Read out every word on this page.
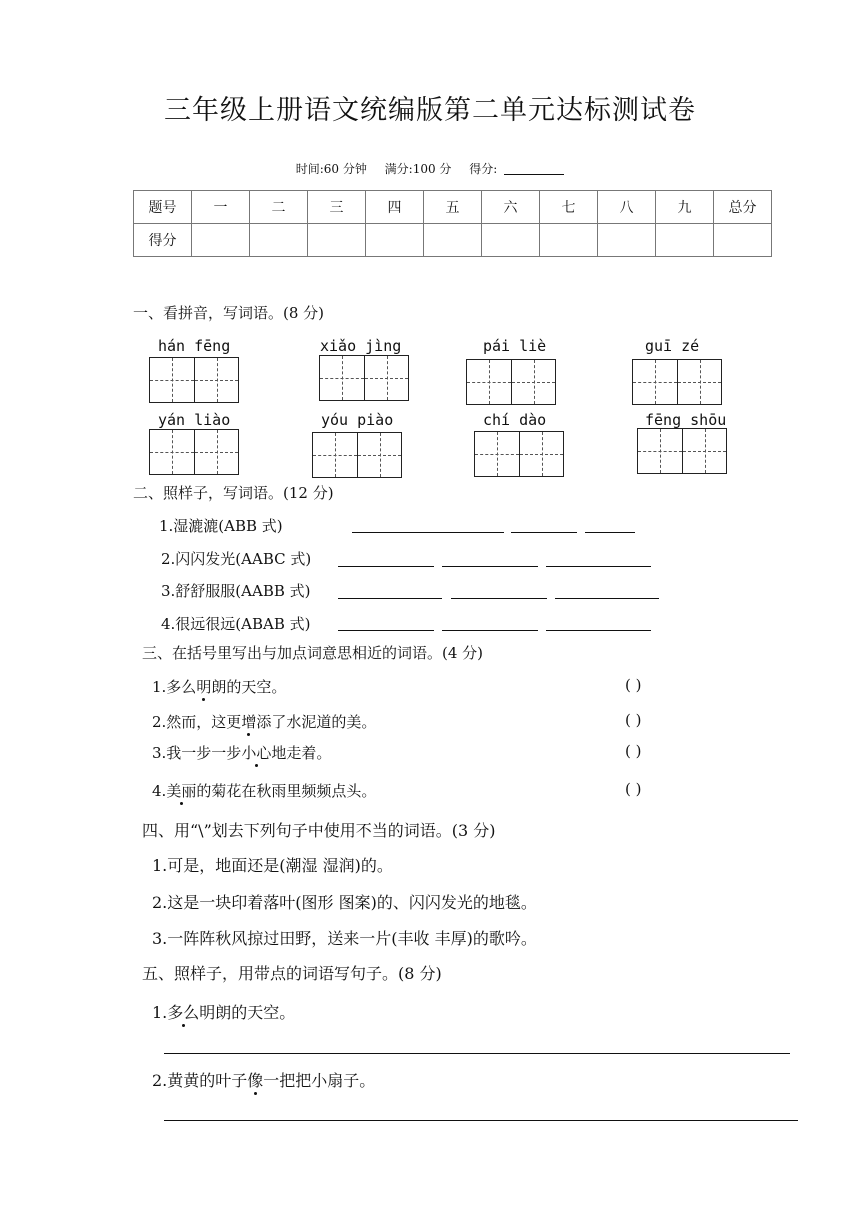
三年级上册语文统编版第二单元达标测试卷
时间:60 分钟 满分:100 分 得分:
题号	一	二	三	四	五	六	七	八	九	总分
得分										
一、看拼音，写词语。(8 分)
hán fēng	xiǎo jìng	pái liè	guī zé
yán liào	yóu piào	chí dào	fēng shōu
二、照样子，写词语。(12 分)
1.湿漉漉(ABB 式)
2.闪闪发光(AABC 式)
3.舒舒服服(AABB 式)
4.很远很远(ABAB 式)
三、在括号里写出与加点词意思相近的词语。(4 分)
1.多么明朗的天空。	( )
2.然而，这更增添了水泥道的美。	( )
3.我一步一步小心地走着。	( )
4.美丽的菊花在秋雨里频频点头。	( )
四、用“\”划去下列句子中使用不当的词语。(3 分)
1.可是，地面还是(潮湿 湿润)的。
2.这是一块印着落叶(图形 图案)的、闪闪发光的地毯。
3.一阵阵秋风掠过田野，送来一片(丰收 丰厚)的歌吟。
五、照样子，用带点的词语写句子。(8 分)
1.多么明朗的天空。
2.黄黄的叶子像一把把小扇子。
